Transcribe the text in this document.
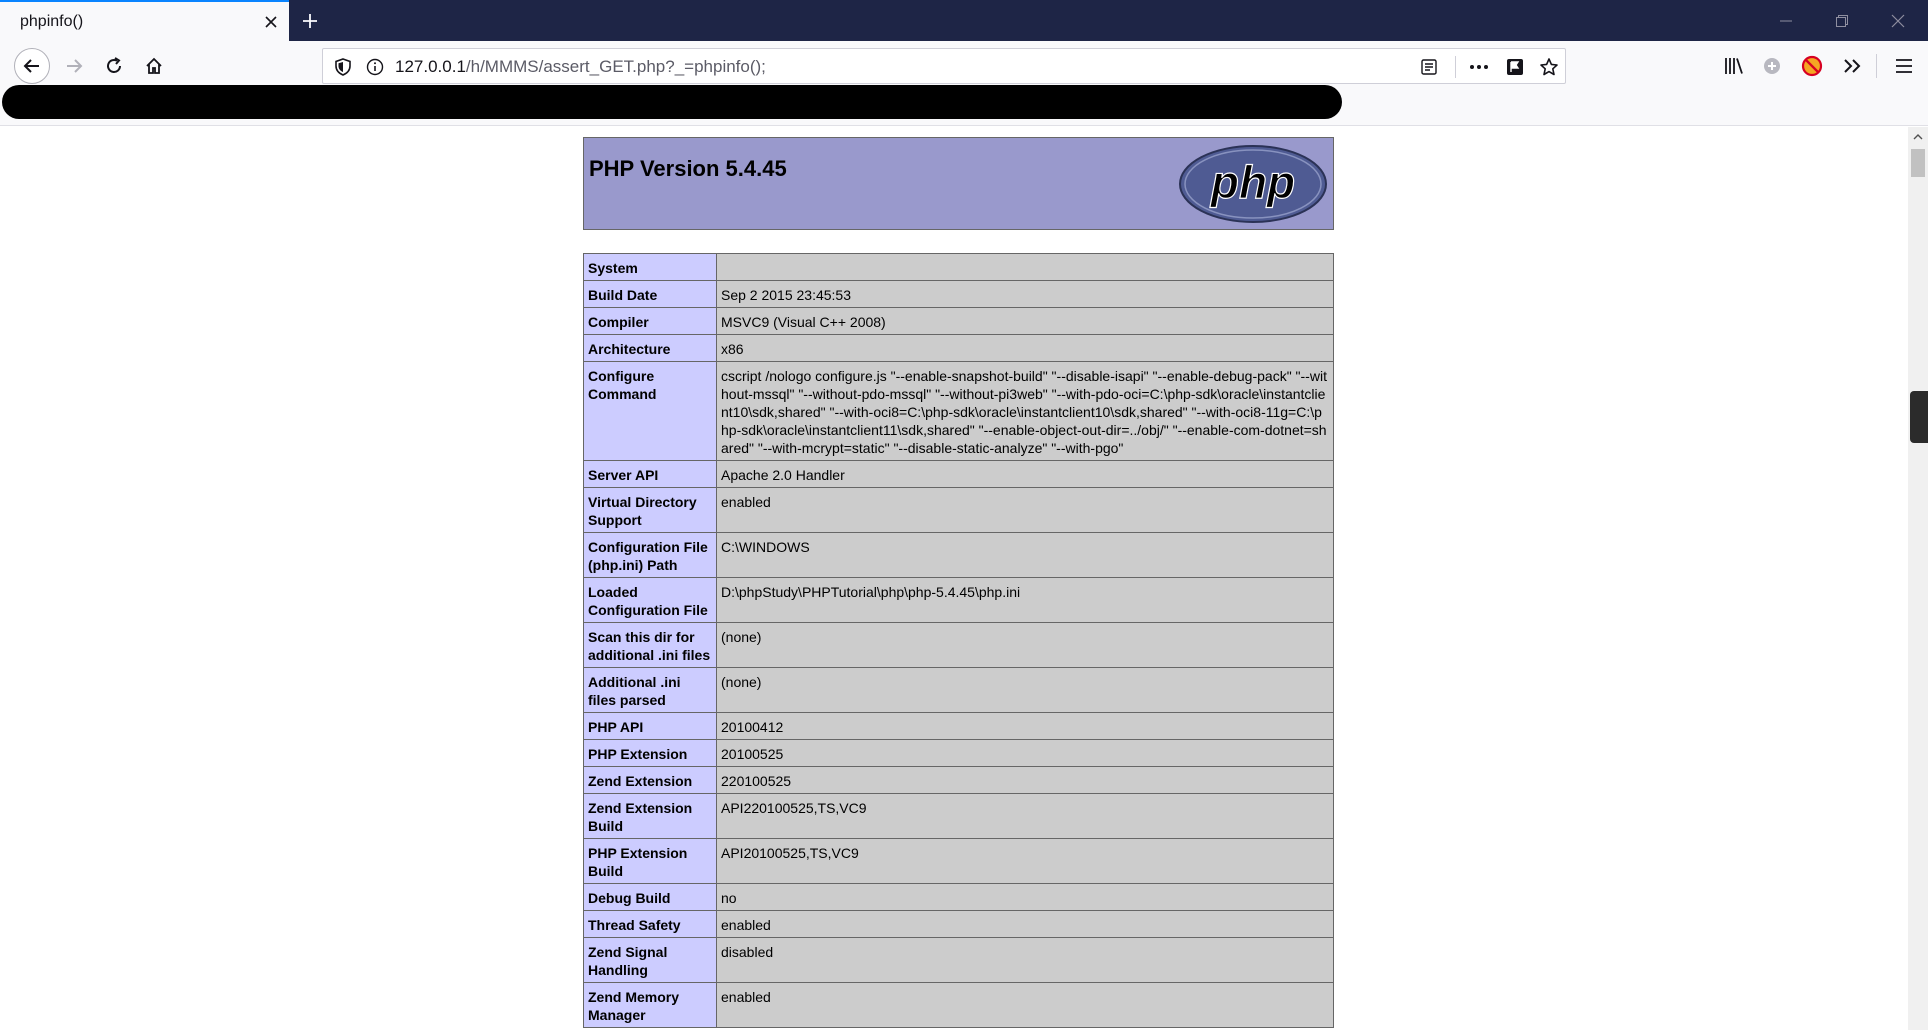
phpinfo()
127.0.0.1/h/MMMS/assert_GET.php?_=phpinfo();
PHP Version 5.4.45	php
System	
Build Date	Sep 2 2015 23:45:53
Compiler	MSVC9 (Visual C++ 2008)
Architecture	x86
Configure Command	cscript /nologo configure.js "--enable-snapshot-build" "--disable-isapi" "--enable-debug-pack" "--without-mssql" "--without-pdo-mssql" "--without-pi3web" "--with-pdo-oci=C:\php-sdk\oracle\instantclient10\sdk,shared" "--with-oci8=C:\php-sdk\oracle\instantclient10\sdk,shared" "--with-oci8-11g=C:\php-sdk\oracle\instantclient11\sdk,shared" "--enable-object-out-dir=../obj/" "--enable-com-dotnet=shared" "--with-mcrypt=static" "--disable-static-analyze" "--with-pgo"
Server API	Apache 2.0 Handler
Virtual Directory Support	enabled
Configuration File (php.ini) Path	C:\WINDOWS
Loaded Configuration File	D:\phpStudy\PHPTutorial\php\php-5.4.45\php.ini
Scan this dir for additional .ini files	(none)
Additional .ini files parsed	(none)
PHP API	20100412
PHP Extension	20100525
Zend Extension	220100525
Zend Extension Build	API220100525,TS,VC9
PHP Extension Build	API20100525,TS,VC9
Debug Build	no
Thread Safety	enabled
Zend Signal Handling	disabled
Zend Memory Manager	enabled
